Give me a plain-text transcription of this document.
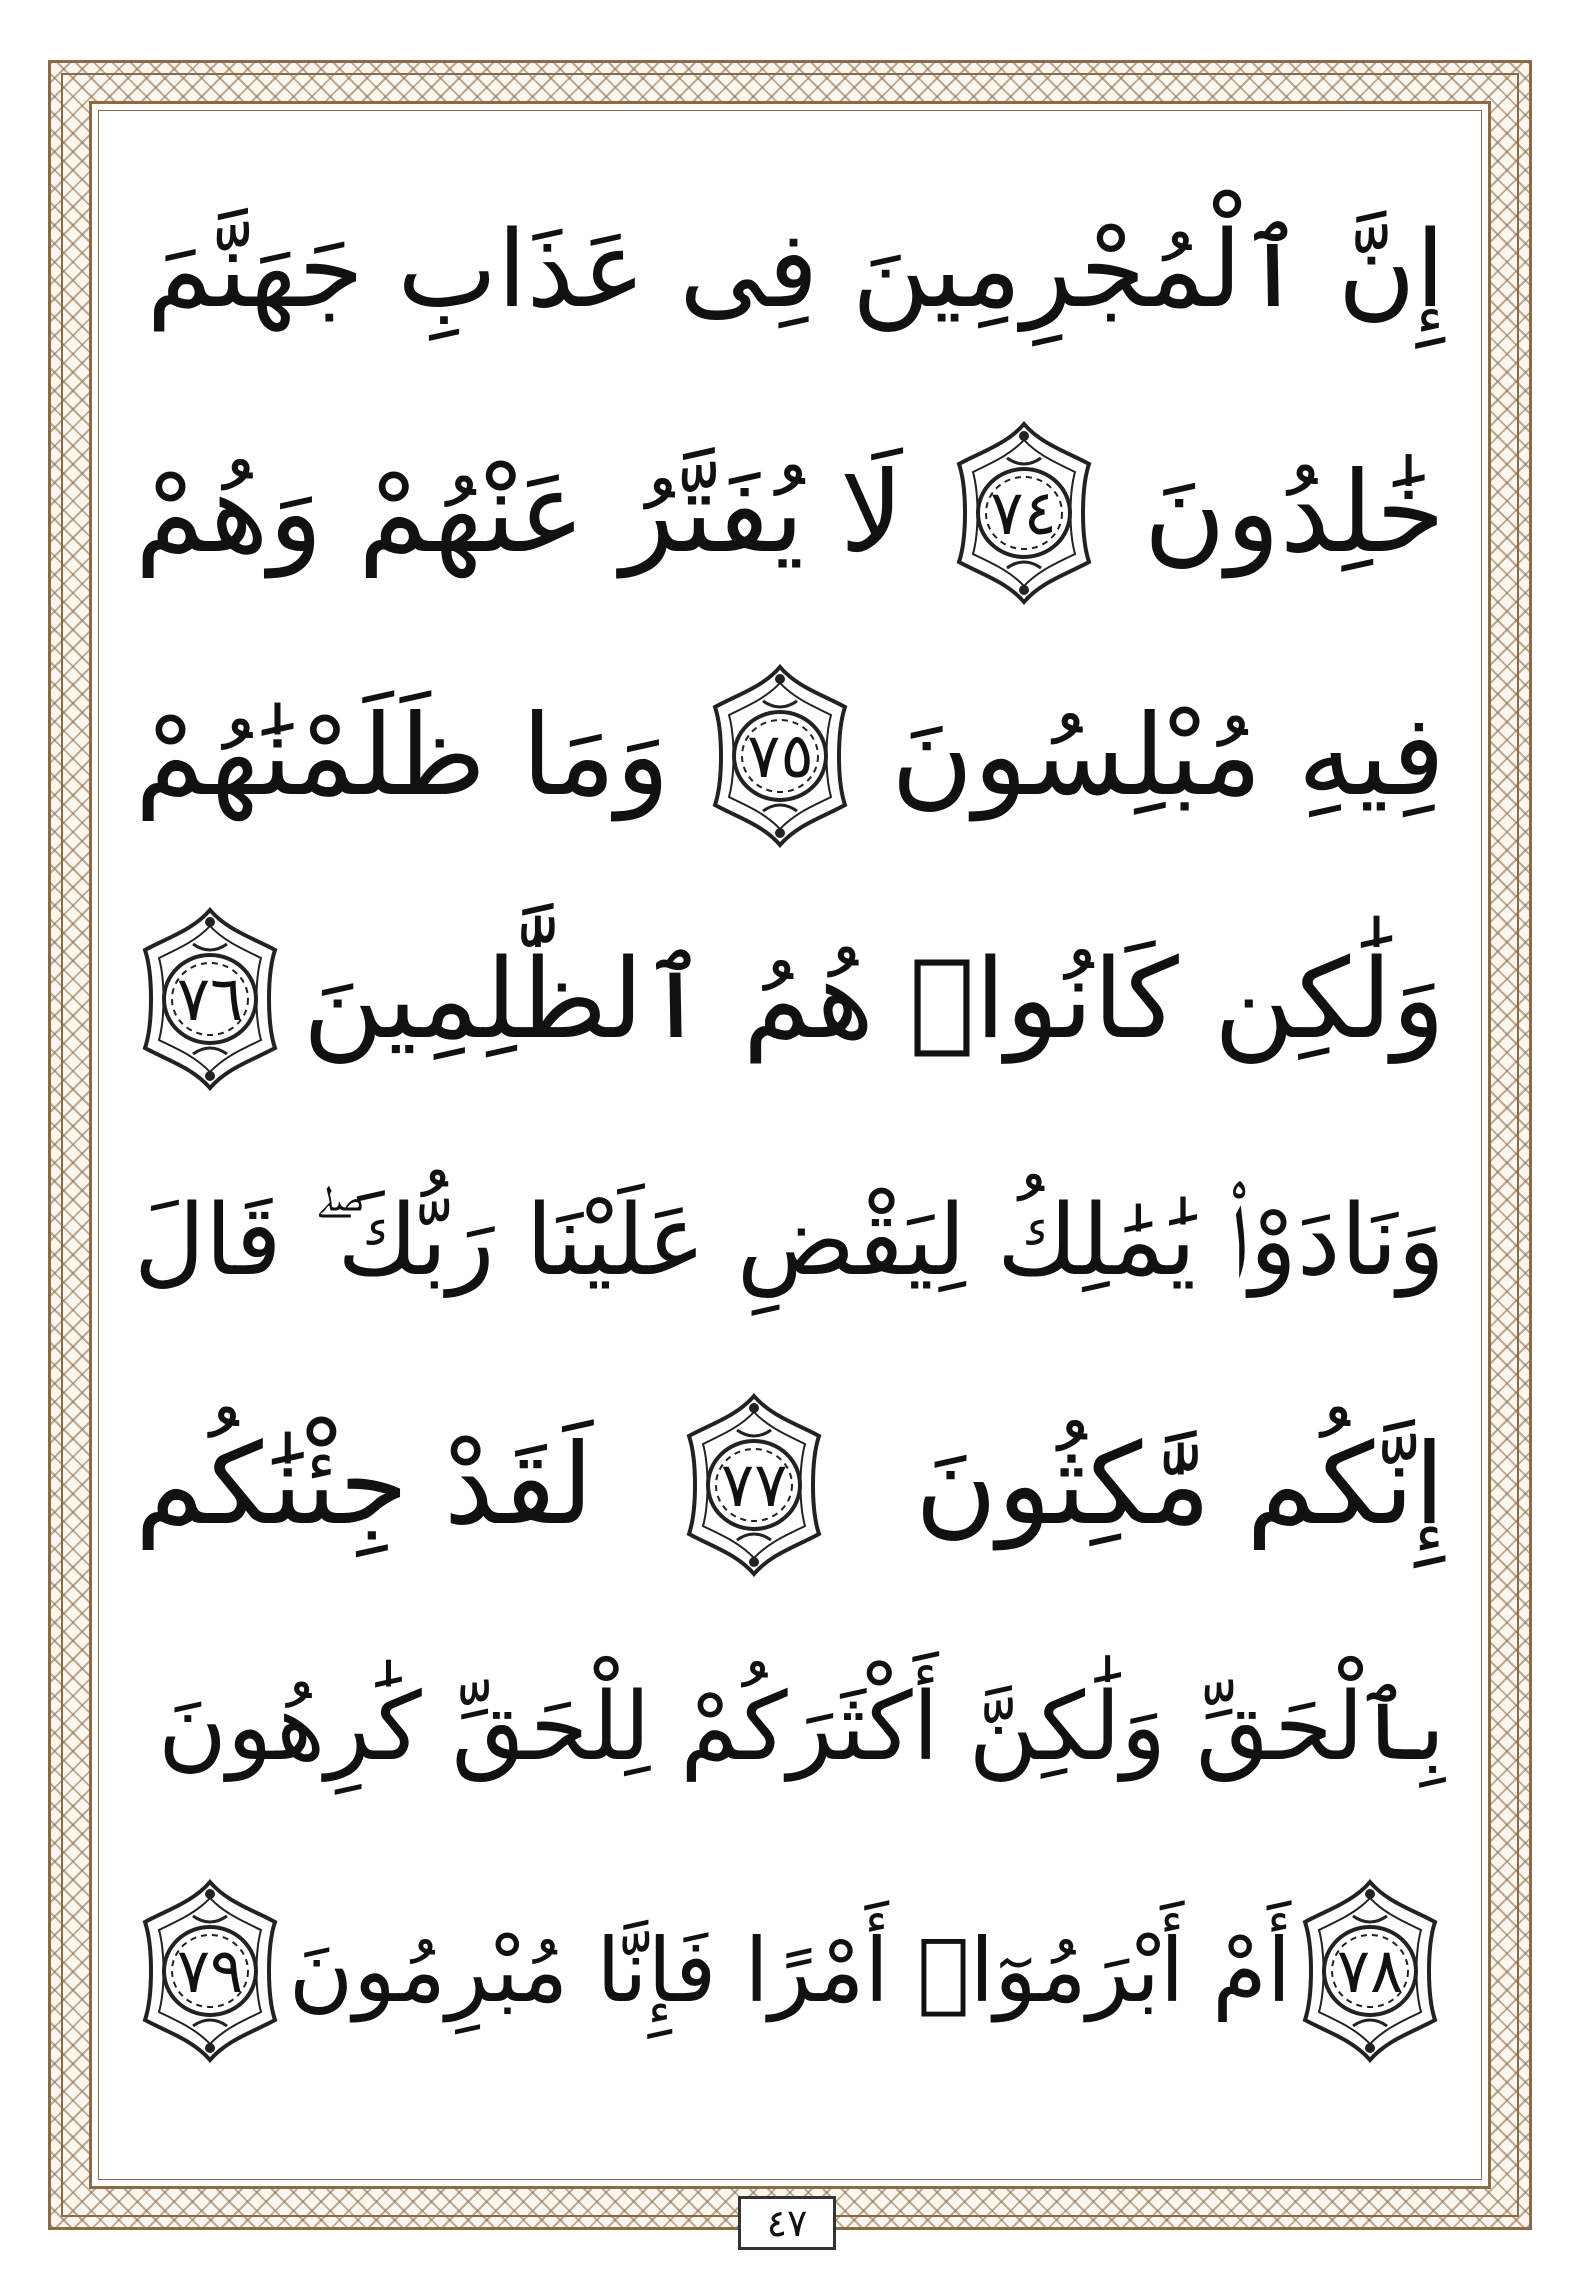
إِنَّ ٱلْمُجْرِمِينَ فِى عَذَابِ جَهَنَّمَ
خَٰلِدُونَ
٧٤
لَا يُفَتَّرُ عَنْهُمْ وَهُمْ
فِيهِ مُبْلِسُونَ
٧٥
وَمَا ظَلَمْنَٰهُمْ
وَلَٰكِن كَانُوا۟ هُمُ ٱلظَّٰلِمِينَ
٧٦
وَنَادَوْا۟ يَٰمَٰلِكُ لِيَقْضِ عَلَيْنَا رَبُّكَ ۖ قَالَ
إِنَّكُم مَّٰكِثُونَ
٧٧
لَقَدْ جِئْنَٰكُم
بِٱلْحَقِّ وَلَٰكِنَّ أَكْثَرَكُمْ لِلْحَقِّ كَٰرِهُونَ
٧٨
أَمْ أَبْرَمُوٓا۟ أَمْرًا فَإِنَّا مُبْرِمُونَ
٧٩
٤٧
